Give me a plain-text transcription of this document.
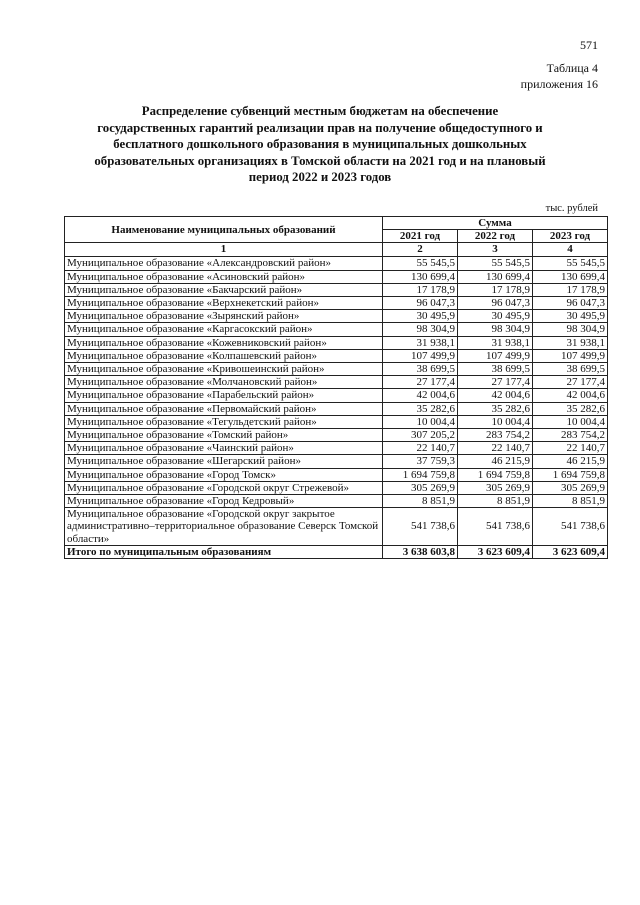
571
Таблица 4
приложения 16
Распределение субвенций местным бюджетам на обеспечение
государственных гарантий реализации прав на получение общедоступного и
бесплатного дошкольного образования в муниципальных дошкольных
образовательных организациях в Томской области на 2021 год и на плановый
период 2022 и 2023 годов
тыс. рублей
Наименование муниципальных образований	Сумма		
	2021 год	2022 год	2023 год
1	2	3	4
Муниципальное образование «Александровский район»	55 545,5	55 545,5	55 545,5
Муниципальное образование «Асиновский район»	130 699,4	130 699,4	130 699,4
Муниципальное образование «Бакчарский район»	17 178,9	17 178,9	17 178,9
Муниципальное образование «Верхнекетский район»	96 047,3	96 047,3	96 047,3
Муниципальное образование «Зырянский район»	30 495,9	30 495,9	30 495,9
Муниципальное образование «Каргасокский район»	98 304,9	98 304,9	98 304,9
Муниципальное образование «Кожевниковский район»	31 938,1	31 938,1	31 938,1
Муниципальное образование «Колпашевский район»	107 499,9	107 499,9	107 499,9
Муниципальное образование «Кривошеинский район»	38 699,5	38 699,5	38 699,5
Муниципальное образование «Молчановский район»	27 177,4	27 177,4	27 177,4
Муниципальное образование «Парабельский район»	42 004,6	42 004,6	42 004,6
Муниципальное образование «Первомайский район»	35 282,6	35 282,6	35 282,6
Муниципальное образование «Тегульдетский район»	10 004,4	10 004,4	10 004,4
Муниципальное образование «Томский район»	307 205,2	283 754,2	283 754,2
Муниципальное образование «Чаинский район»	22 140,7	22 140,7	22 140,7
Муниципальное образование «Шегарский район»	37 759,3	46 215,9	46 215,9
Муниципальное образование «Город Томск»	1 694 759,8	1 694 759,8	1 694 759,8
Муниципальное образование «Городской округ Стрежевой»	305 269,9	305 269,9	305 269,9
Муниципальное образование «Город Кедровый»	8 851,9	8 851,9	8 851,9
Муниципальное образование «Городской округ закрытое административно–территориальное образование Северск Томской области»	541 738,6	541 738,6	541 738,6
Итого по муниципальным образованиям	3 638 603,8	3 623 609,4	3 623 609,4
